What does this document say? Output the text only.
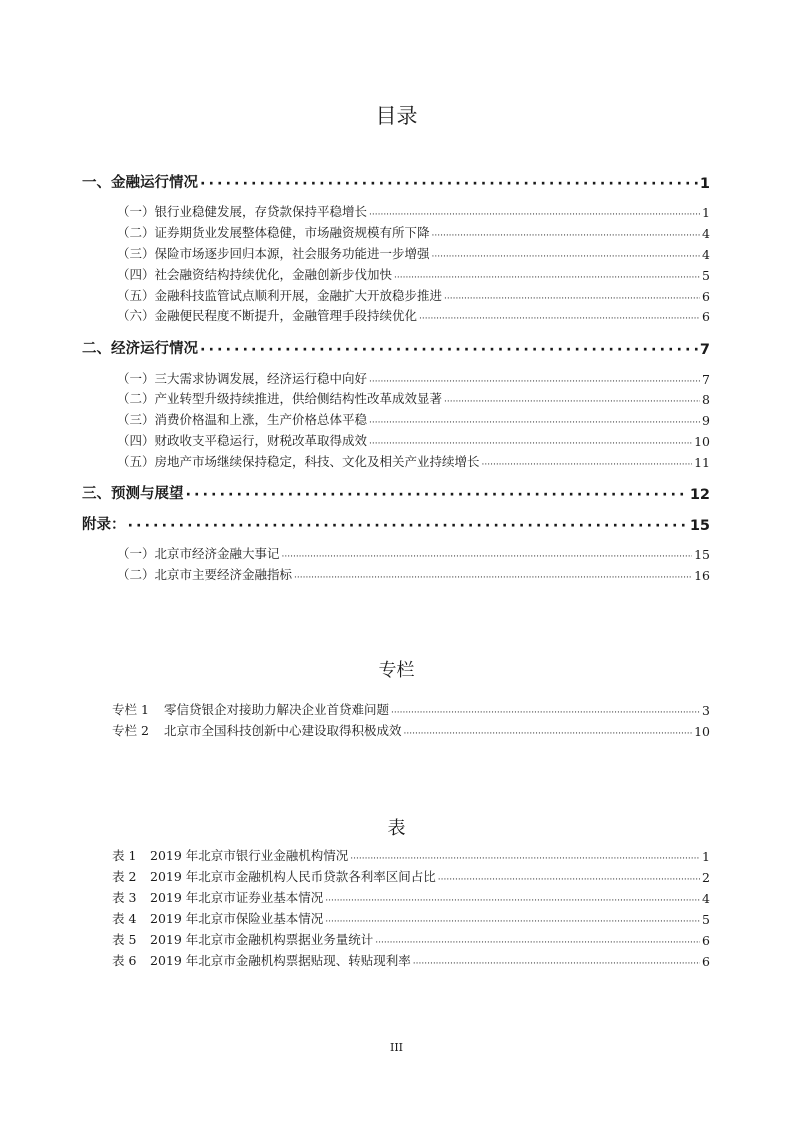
目录
一、金融运行情况 ·····	1
（一）银行业稳健发展，存贷款保持平稳增长 ·····	1
（二）证券期货业发展整体稳健，市场融资规模有所下降 ·····	4
（三）保险市场逐步回归本源，社会服务功能进一步增强 ·····	4
（四）社会融资结构持续优化，金融创新步伐加快 ·····	5
（五）金融科技监管试点顺利开展，金融扩大开放稳步推进 ·····	6
（六）金融便民程度不断提升，金融管理手段持续优化 ·····	6
二、经济运行情况 ·····	7
（一）三大需求协调发展，经济运行稳中向好 ·····	7
（二）产业转型升级持续推进，供给侧结构性改革成效显著 ·····	8
（三）消费价格温和上涨，生产价格总体平稳 ·····	9
（四）财政收支平稳运行，财税改革取得成效 ·····	10
（五）房地产市场继续保持稳定，科技、文化及相关产业持续增长 ·····	11
三、预测与展望 ·····	12
附录： ·····	15
（一）北京市经济金融大事记 ·····	15
（二）北京市主要经济金融指标 ·····	16
专栏
专栏 1 零信贷银企对接助力解决企业首贷难问题 ·····	3
专栏 2 北京市全国科技创新中心建设取得积极成效 ·····	10
表
表 1 2019 年北京市银行业金融机构情况 ·····	1
表 2 2019 年北京市金融机构人民币贷款各利率区间占比 ·····	2
表 3 2019 年北京市证券业基本情况 ·····	4
表 4 2019 年北京市保险业基本情况 ·····	5
表 5 2019 年北京市金融机构票据业务量统计 ·····	6
表 6 2019 年北京市金融机构票据贴现、转贴现利率 ·····	6
III
